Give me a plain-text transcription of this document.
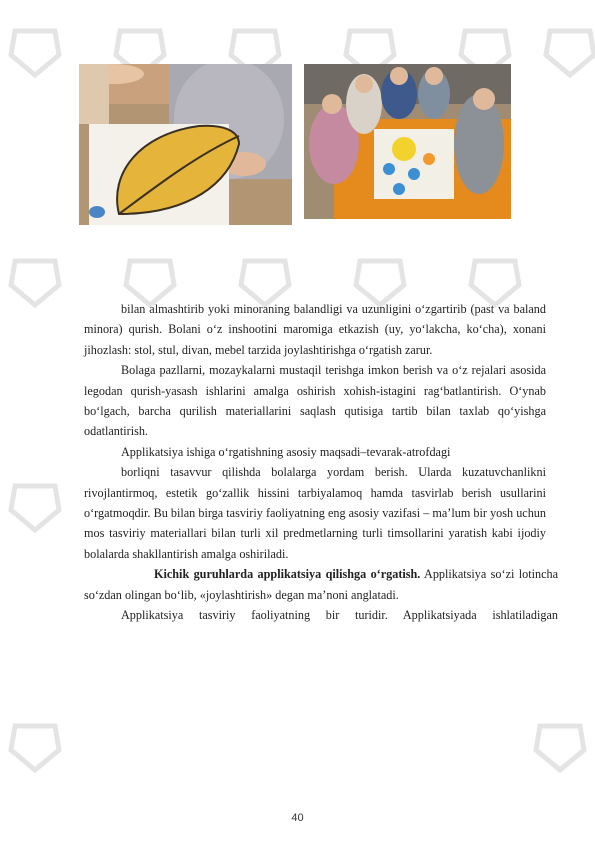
bilan almashtirib yoki minoraning balandligi va uzunligini o‘zgartirib (past va baland minora) qurish. Bolani o‘z inshootini maromiga etkazish (uy, yo‘lakcha, ko‘cha), xonani jihozlash: stol, stul, divan, mebel tarzida joylashtirishga o‘rgatish zarur.

Bolaga pazllarni, mozaykalarni mustaqil terishga imkon berish va o‘z rejalari asosida legodan qurish-yasash ishlarini amalga oshirish xohish-istagini rag‘batlantirish. O‘ynab bo‘lgach, barcha qurilish materiallarini saqlash qutisiga tartib bilan taxlab qo‘yishga odatlantirish.

Applikatsiya ishiga o‘rgatishning asosiy maqsadi–tevarak-atrofdagi

borliqni tasavvur qilishda bolalarga yordam berish. Ularda kuzatuvchanlikni rivojlantirmoq, estetik go‘zallik hissini tarbiyalamoq hamda tasvirlab berish usullarini o‘rgatmoqdir. Bu bilan birga tasviriy faoliyatning eng asosiy vazifasi – ma’lum bir yosh uchun mos tasviriy materiallari bilan turli xil predmetlarning turli timsollarini yaratish kabi ijodiy bolalarda shakllantirish amalga oshiriladi.

Kichik guruhlarda applikatsiya qilishga o‘rgatish. Applikatsiya so‘zi lotincha so‘zdan olingan bo‘lib, «joylashtirish» degan ma’noni anglatadi.

Applikatsiya tasviriy faoliyatning bir turidir. Applikatsiyada ishlatiladigan

40
